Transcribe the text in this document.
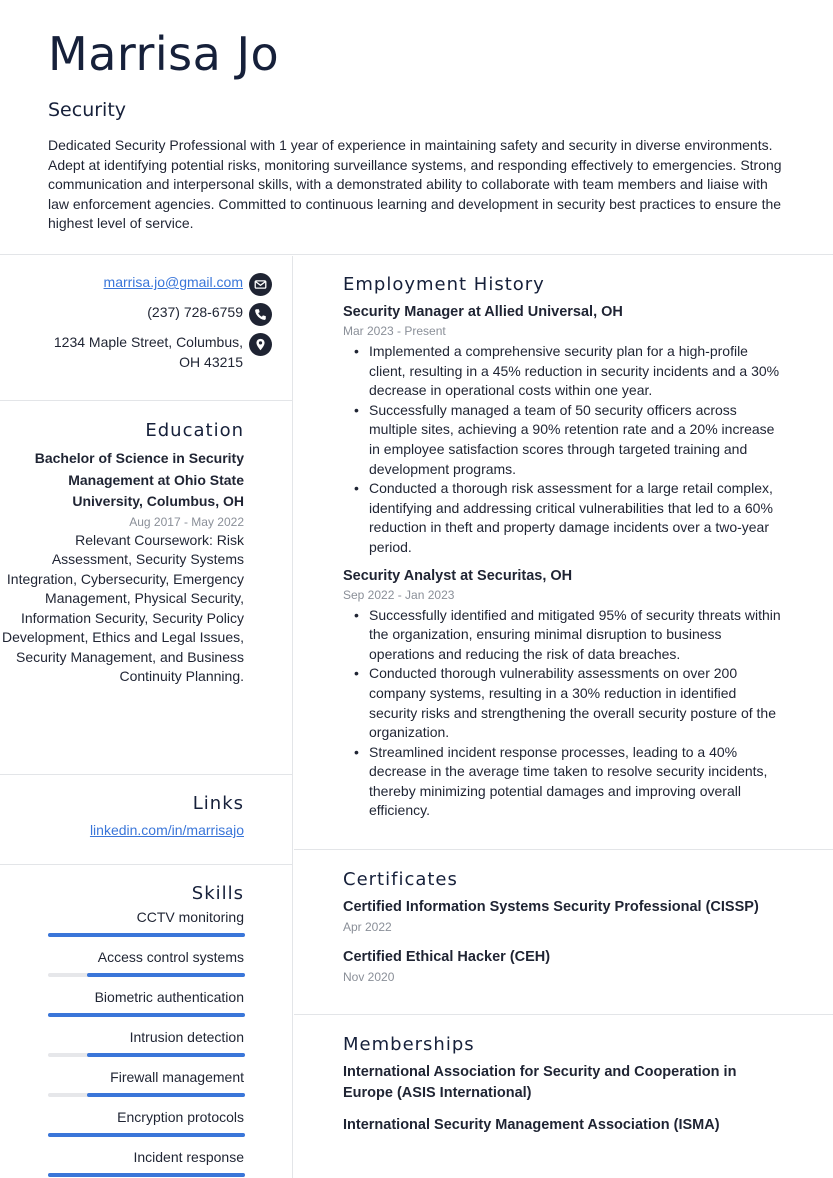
Marrisa Jo
Security

Dedicated Security Professional with 1 year of experience in maintaining safety and security in diverse environments. Adept at identifying potential risks, monitoring surveillance systems, and responding effectively to emergencies. Strong communication and interpersonal skills, with a demonstrated ability to collaborate with team members and liaise with law enforcement agencies. Committed to continuous learning and development in security best practices to ensure the highest level of service.

marrisa.jo@gmail.com
(237) 728-6759
1234 Maple Street, Columbus,
OH 43215
Education
Bachelor of Science in Security Management at Ohio State University, Columbus, OH
Aug 2017 - May 2022
Relevant Coursework: Risk Assessment, Security Systems Integration, Cybersecurity, Emergency Management, Physical Security, Information Security, Security Policy Development, Ethics and Legal Issues, Security Management, and Business Continuity Planning.
Links
linkedin.com/in/marrisajo
Skills
CCTV monitoring
Access control systems
Biometric authentication
Intrusion detection
Firewall management
Encryption protocols
Incident response
Employment History
Security Manager at Allied Universal, OH
Mar 2023 - Present
• Implemented a comprehensive security plan for a high-profile client, resulting in a 45% reduction in security incidents and a 30% decrease in operational costs within one year.
• Successfully managed a team of 50 security officers across multiple sites, achieving a 90% retention rate and a 20% increase in employee satisfaction scores through targeted training and development programs.
• Conducted a thorough risk assessment for a large retail complex, identifying and addressing critical vulnerabilities that led to a 60% reduction in theft and property damage incidents over a two-year period.
Security Analyst at Securitas, OH
Sep 2022 - Jan 2023
• Successfully identified and mitigated 95% of security threats within the organization, ensuring minimal disruption to business operations and reducing the risk of data breaches.
• Conducted thorough vulnerability assessments on over 200 company systems, resulting in a 30% reduction in identified security risks and strengthening the overall security posture of the organization.
• Streamlined incident response processes, leading to a 40% decrease in the average time taken to resolve security incidents, thereby minimizing potential damages and improving overall efficiency.
Certificates
Certified Information Systems Security Professional (CISSP)
Apr 2022
Certified Ethical Hacker (CEH)
Nov 2020
Memberships
International Association for Security and Cooperation in Europe (ASIS International)
International Security Management Association (ISMA)
